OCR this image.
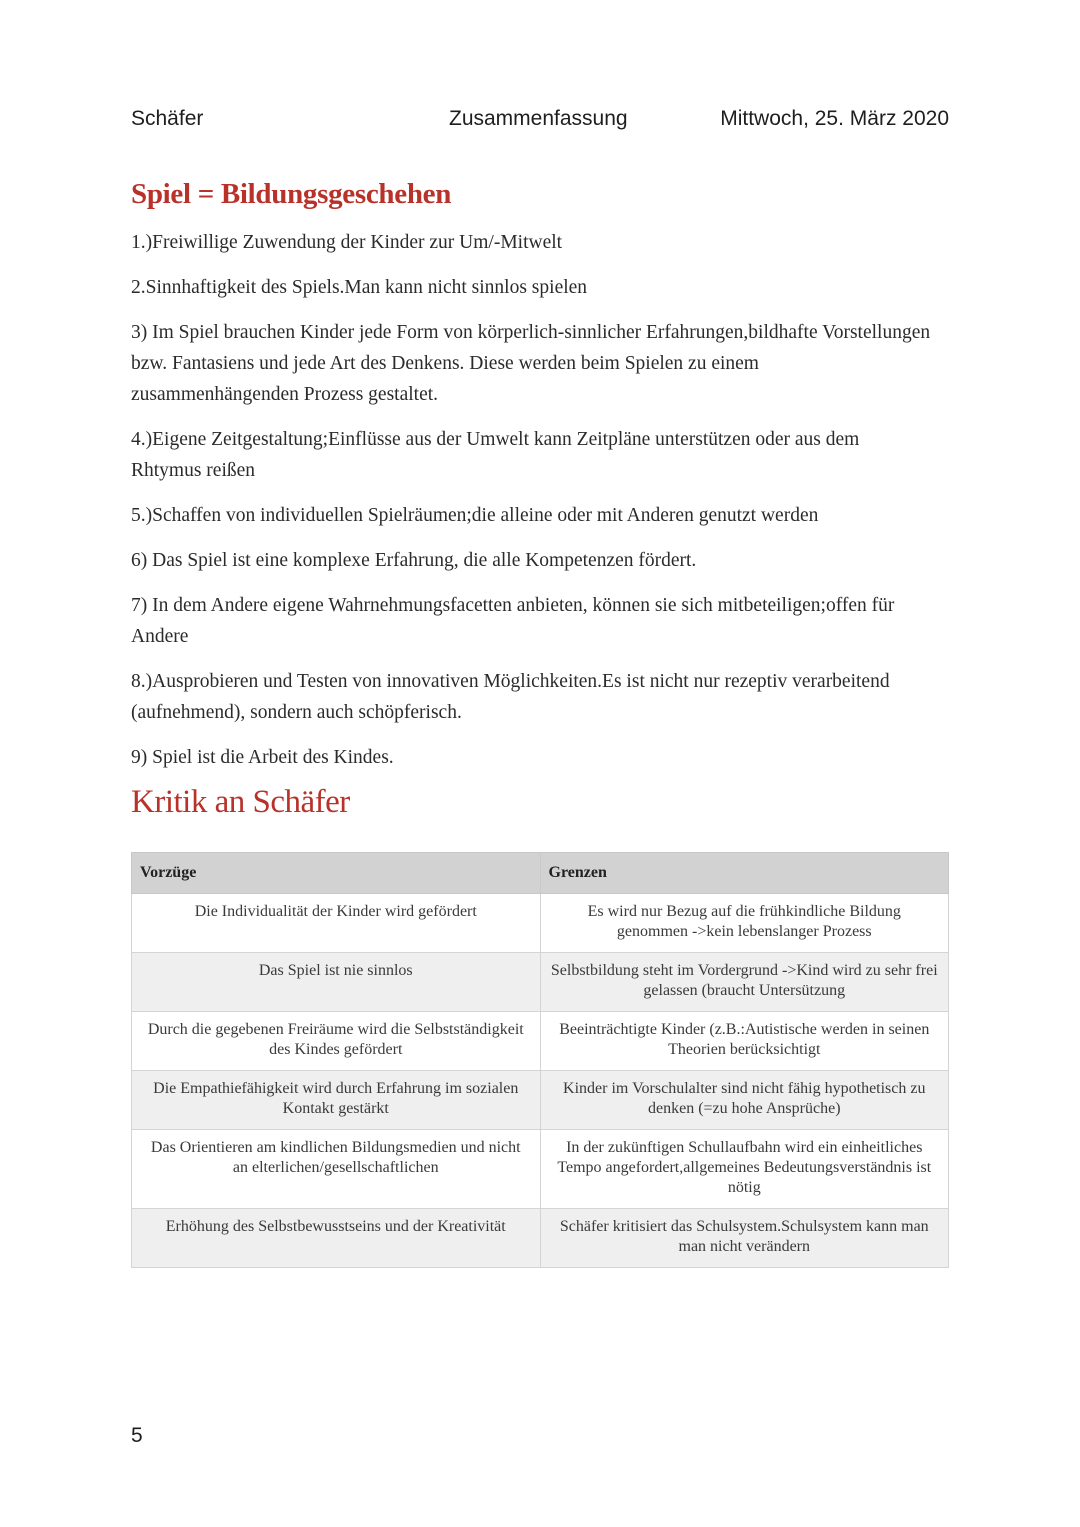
Schäfer	Zusammenfassung	Mittwoch, 25. März 2020
Spiel = Bildungsgeschehen
1.)Freiwillige Zuwendung der Kinder zur Um/-Mitwelt
2.Sinnhaftigkeit des Spiels.Man kann nicht sinnlos spielen
3) Im Spiel brauchen Kinder jede Form von körperlich-sinnlicher Erfahrungen,bildhafte Vorstellungen bzw. Fantasiens und jede Art des Denkens. Diese werden beim Spielen zu einem zusammenhängenden Prozess gestaltet.
4.)Eigene Zeitgestaltung;Einflüsse aus der Umwelt kann Zeitpläne unterstützen oder aus dem Rhtymus reißen
5.)Schaffen von individuellen Spielräumen;die alleine oder mit Anderen genutzt werden
6) Das Spiel ist eine komplexe Erfahrung, die alle Kompetenzen fördert.
7) In dem Andere eigene Wahrnehmungsfacetten anbieten, können sie sich mitbeteiligen;offen für Andere
8.)Ausprobieren und Testen von innovativen Möglichkeiten.Es ist nicht nur rezeptiv verarbeitend (aufnehmend), sondern auch schöpferisch.
9) Spiel ist die Arbeit des Kindes.
Kritik an Schäfer
Vorzüge	Grenzen
Die Individualität der Kinder wird gefördert	Es wird nur Bezug auf die frühkindliche Bildung genommen ->kein lebenslanger Prozess
Das Spiel ist nie sinnlos	Selbstbildung steht im Vordergrund ->Kind wird zu sehr frei gelassen (braucht Untersützung
Durch die gegebenen Freiräume wird die Selbstständigkeit des Kindes gefördert	Beeinträchtigte Kinder (z.B.:Autistische werden in seinen Theorien berücksichtigt
Die Empathiefähigkeit wird durch Erfahrung im sozialen Kontakt gestärkt	Kinder im Vorschulalter sind nicht fähig hypothetisch zu denken (=zu hohe Ansprüche)
Das Orientieren am kindlichen Bildungsmedien und nicht an elterlichen/gesellschaftlichen	In der zukünftigen Schullaufbahn wird ein einheitliches Tempo angefordert,allgemeines Bedeutungsverständnis ist nötig
Erhöhung des Selbstbewusstseins und der Kreativität	Schäfer kritisiert das Schulsystem.Schulsystem kann man man nicht verändern
5
